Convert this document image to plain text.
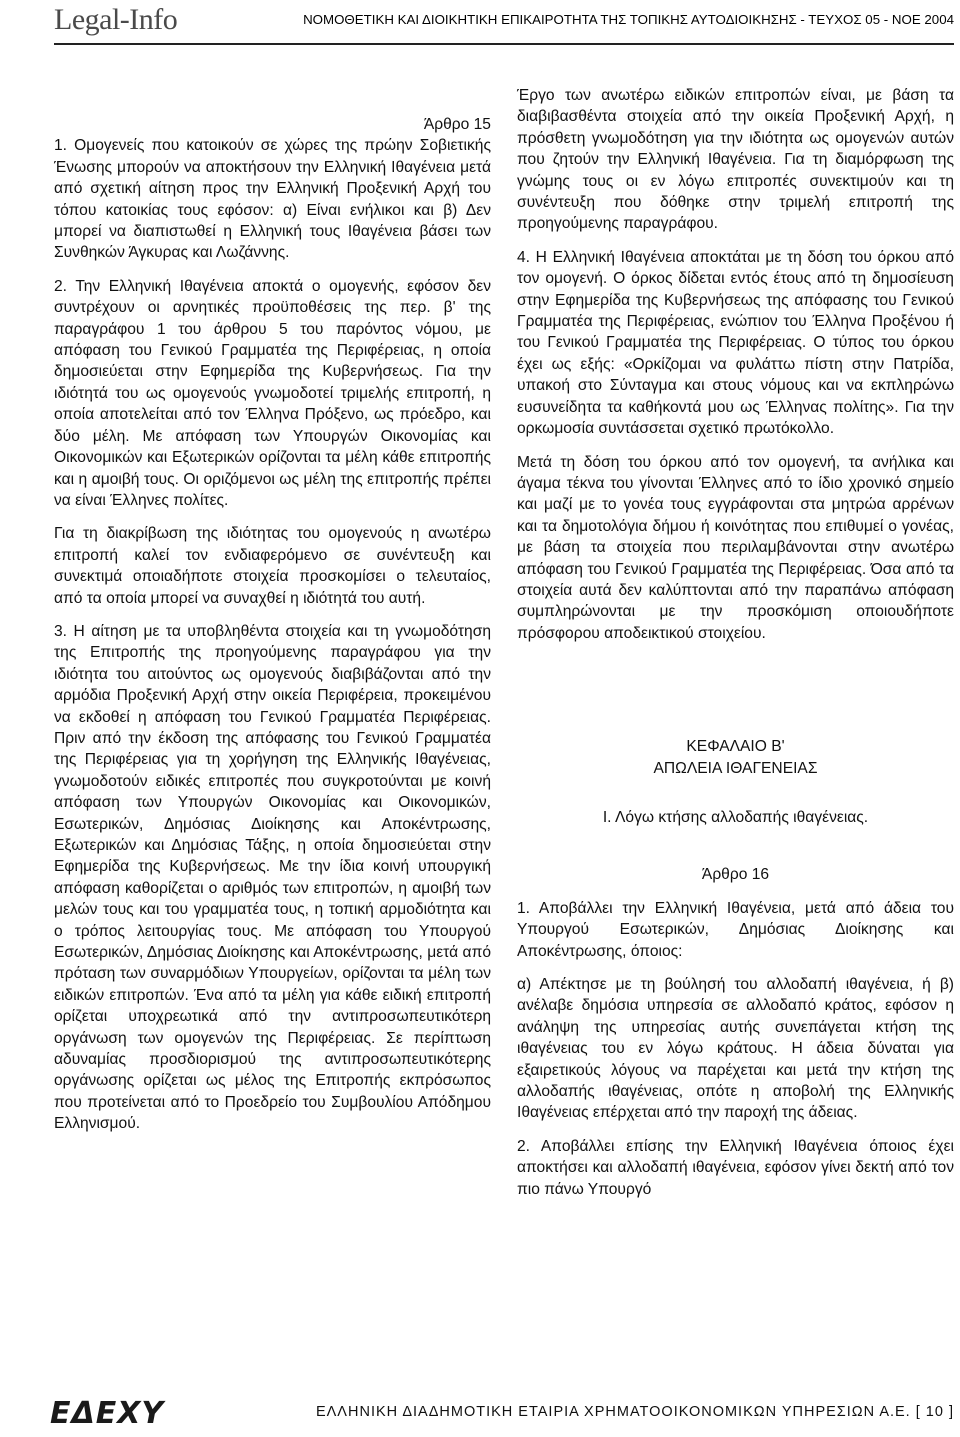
Legal-Info	ΝΟΜΟΘΕΤΙΚΗ ΚΑΙ ΔΙΟΙΚΗΤΙΚΗ ΕΠΙΚΑΙΡΟΤΗΤΑ ΤΗΣ ΤΟΠΙΚΗΣ ΑΥΤΟΔΙΟΙΚΗΣΗΣ - ΤΕΥΧΟΣ 05 - ΝΟΕ 2004

Άρθρο 15

1. Ομογενείς που κατοικούν σε χώρες της πρώην Σοβιετικής Ένωσης μπορούν να αποκτήσουν την Ελληνική Ιθαγένεια μετά από σχετική αίτηση προς την Ελληνική Προξενική Αρχή του τόπου κατοικίας τους εφόσον: α) Είναι ενήλικοι και β) Δεν μπορεί να διαπιστωθεί η Ελληνική τους Ιθαγένεια βάσει των Συνθηκών Άγκυρας και Λωζάννης.

2. Την Ελληνική Ιθαγένεια αποκτά ο ομογενής, εφόσον δεν συντρέχουν οι αρνητικές προϋποθέσεις της περ. β' της παραγράφου 1 του άρθρου 5 του παρόντος νόμου, με απόφαση του Γενικού Γραμματέα της Περιφέρειας, η οποία δημοσιεύεται στην Εφημερίδα της Κυβερνήσεως. Για την ιδιότητά του ως ομογενούς γνωμοδοτεί τριμελής επιτροπή, η οποία αποτελείται από τον Έλληνα Πρόξενο, ως πρόεδρο, και δύο μέλη. Με απόφαση των Υπουργών Οικονομίας και Οικονομικών και Εξωτερικών ορίζονται τα μέλη κάθε επιτροπής και η αμοιβή τους. Οι οριζόμενοι ως μέλη της επιτροπής πρέπει να είναι Έλληνες πολίτες.

Για τη διακρίβωση της ιδιότητας του ομογενούς η ανωτέρω επιτροπή καλεί τον ενδιαφερόμενο σε συνέντευξη και συνεκτιμά οποιαδήποτε στοιχεία προσκομίσει ο τελευταίος, από τα οποία μπορεί να συναχθεί η ιδιότητά του αυτή.

3. Η αίτηση με τα υποβληθέντα στοιχεία και τη γνωμοδότηση της Επιτροπής της προηγούμενης παραγράφου για την ιδιότητα του αιτούντος ως ομογενούς διαβιβάζονται από την αρμόδια Προξενική Αρχή στην οικεία Περιφέρεια, προκειμένου να εκδοθεί η απόφαση του Γενικού Γραμματέα Περιφέρειας. Πριν από την έκδοση της απόφασης του Γενικού Γραμματέα της Περιφέρειας για τη χορήγηση της Ελληνικής Ιθαγένειας, γνωμοδοτούν ειδικές επιτροπές που συγκροτούνται με κοινή απόφαση των Υπουργών Οικονομίας και Οικονομικών, Εσωτερικών, Δημόσιας Διοίκησης και Αποκέντρωσης, Εξωτερικών και Δημόσιας Τάξης, η οποία δημοσιεύεται στην Εφημερίδα της Κυβερνήσεως. Με την ίδια κοινή υπουργική απόφαση καθορίζεται ο αριθμός των επιτροπών, η αμοιβή των μελών τους και του γραμματέα τους, η τοπική αρμοδιότητα και ο τρόπος λειτουργίας τους. Με απόφαση του Υπουργού Εσωτερικών, Δημόσιας Διοίκησης και Αποκέντρωσης, μετά από πρόταση των συναρμόδιων Υπουργείων, ορίζονται τα μέλη των ειδικών επιτροπών. Ένα από τα μέλη για κάθε ειδική επιτροπή ορίζεται υποχρεωτικά από την αντιπροσωπευτικότερη οργάνωση των ομογενών της Περιφέρειας. Σε περίπτωση αδυναμίας προσδιορισμού της αντιπροσωπευτικότερης οργάνωσης ορίζεται ως μέλος της Επιτροπής εκπρόσωπος που προτείνεται από το Προεδρείο του Συμβουλίου Απόδημου Ελληνισμού.

Έργο των ανωτέρω ειδικών επιτροπών είναι, με βάση τα διαβιβασθέντα στοιχεία από την οικεία Προξενική Αρχή, η πρόσθετη γνωμοδότηση για την ιδιότητα ως ομογενών αυτών που ζητούν την Ελληνική Ιθαγένεια. Για τη διαμόρφωση της γνώμης τους οι εν λόγω επιτροπές συνεκτιμούν και τη συνέντευξη που δόθηκε στην τριμελή επιτροπή της προηγούμενης παραγράφου.

4. Η Ελληνική Ιθαγένεια αποκτάται με τη δόση του όρκου από τον ομογενή. Ο όρκος δίδεται εντός έτους από τη δημοσίευση στην Εφημερίδα της Κυβερνήσεως της απόφασης του Γενικού Γραμματέα της Περιφέρειας, ενώπιον του Έλληνα Προξένου ή του Γενικού Γραμματέα της Περιφέρειας. Ο τύπος του όρκου έχει ως εξής: «Ορκίζομαι να φυλάττω πίστη στην Πατρίδα, υπακοή στο Σύνταγμα και στους νόμους και να εκπληρώνω ευσυνείδητα τα καθήκοντά μου ως Έλληνας πολίτης». Για την ορκωμοσία συντάσσεται σχετικό πρωτόκολλο.

Μετά τη δόση του όρκου από τον ομογενή, τα ανήλικα και άγαμα τέκνα του γίνονται Έλληνες από το ίδιο χρονικό σημείο και μαζί με το γονέα τους εγγράφονται στα μητρώα αρρένων και τα δημοτολόγια δήμου ή κοινότητας που επιθυμεί ο γονέας, με βάση τα στοιχεία που περιλαμβάνονται στην ανωτέρω απόφαση του Γενικού Γραμματέα της Περιφέρειας. Όσα από τα στοιχεία αυτά δεν καλύπτονται από την παραπάνω απόφαση συμπληρώνονται με την προσκόμιση οποιουδήποτε πρόσφορου αποδεικτικού στοιχείου.

ΚΕΦΑΛΑΙΟ Β'

ΑΠΩΛΕΙΑ ΙΘΑΓΕΝΕΙΑΣ

Ι. Λόγω κτήσης αλλοδαπής ιθαγένειας.

Άρθρο 16

1. Αποβάλλει την Ελληνική Ιθαγένεια, μετά από άδεια του Υπουργού Εσωτερικών, Δημόσιας Διοίκησης και Αποκέντρωσης, όποιος:

α) Απέκτησε με τη βούλησή του αλλοδαπή ιθαγένεια, ή β) ανέλαβε δημόσια υπηρεσία σε αλλοδαπό κράτος, εφόσον η ανάληψη της υπηρεσίας αυτής συνεπάγεται κτήση της ιθαγένειας του εν λόγω κράτους. Η άδεια δύναται για εξαιρετικούς λόγους να παρέχεται και μετά την κτήση της αλλοδαπής ιθαγένειας, οπότε η αποβολή της Ελληνικής Ιθαγένειας επέρχεται από την παροχή της άδειας.

2. Αποβάλλει επίσης την Ελληνική Ιθαγένεια όποιος έχει αποκτήσει και αλλοδαπή ιθαγένεια, εφόσον γίνει δεκτή από τον πιο πάνω Υπουργό

ΕΔΕΧΥ	ΕΛΛΗΝΙΚΗ ΔΙΑΔΗΜΟΤΙΚΗ ΕΤΑΙΡΙΑ ΧΡΗΜΑΤΟΟΙΚΟΝΟΜΙΚΩΝ ΥΠΗΡΕΣΙΩΝ Α.Ε. [ 10 ]
